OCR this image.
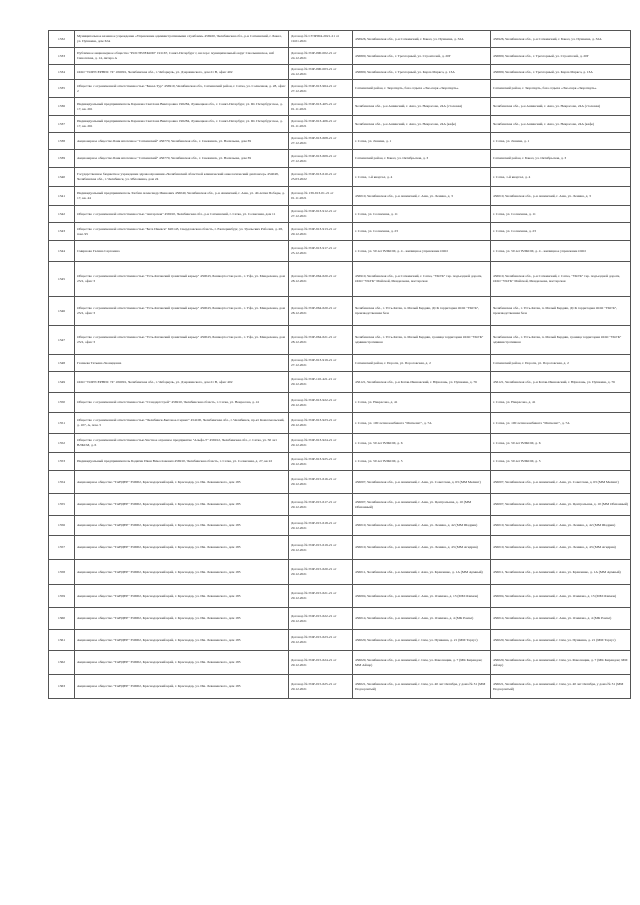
1332	Муниципальное казенное учреждение «Управление административными службами» 456920, Челябинская обл., р-н Саткинский, г. Бакал, ул. Пушкина, дом 32А	Договор № СУЗР004-2021-21 от 19.01.2021	456926, Челябинская обл., р-н Саткинский, г. Бакал, ул. Пушкина, д. 32А	456926, Челябинская обл., р-н Саткинский, г. Бакал, ул. Пушкина, д. 32А
1333	Публичное акционерное общество "РОСТЕЛЕКОМ" 191167, Санкт-Петербург г, вн.тер.г. муниципальный округ Смольнинское, наб Синопская, д. 14, литера А	Договор № ГОР-090-002-21 от 24.12.2021	456800, Челябинская обл., г. Трехгорный, ул. Строителей, д. 20Г	456800, Челябинская обл., г. Трехгорный, ул. Строителей, д. 20Г
1334	ООО "ТОРГСЕРВИС 74" 456091, Челябинская обл., г. Чебаркуль, ул. Дзержинского, дом 21 В, офис 402	Договор № ГОР-090-003-21 от 24.12.2021	456800, Челябинская обл., г. Трехгорный, ул. Карла Маркса, д. 13А	456800, Челябинская обл., г. Трехгорный, ул. Карла Маркса, д. 13А
1335	Общество с ограниченной ответственностью "Бакал-Тур" 456910, Челябинская обл., Саткинский район, г. Сатка, ул. Солнечная, д. 28, офис 2	Договор № ГОР-913-964-21 от 27.12.2021	Саткинский район, г. Зюраткуль, база отдыха «Эко-парк «Зюраткуль»	Саткинский район, г. Зюраткуль, база отдыха «Эко-парк «Зюраткуль»
1336	Индивидуальный предприниматель Баранова Светлана Викторовна 196284, Лужнецкая обл., г. Санкт-Петербург, ул. Ш. Петербургское, д. 17, кв. 261	Договор № ГОР-913-405-21 от 01.11.2021	Челябинская обл., р-н Ашинский, г. Аша, ул. Некрасова, 24А (столовая)	Челябинская обл., р-н Ашинский, г. Аша, ул. Некрасова, 24А (столовая)
1337	Индивидуальный предприниматель Баранова Светлана Викторовна 196284, Лужнецкая обл., г. Санкт-Петербург, ул. Ш. Петербургское, д. 17, кв. 261	Договор № ГОР-913-406-21 от 01.11.2021	Челябинская обл., р-н Ашинский, г. Аша, ул. Некрасова, 24А (кафе)	Челябинская обл., р-н Ашинский, г. Аша, ул. Некрасова, 24А (кафе)
1338	Акционерное общество Банк ипотечное "Саткинский" 456770, Челябинская обл., г. Снежинск, ул. Васильева, дом 39	Договор № ГОР-913-608-21 от 27.12.2021	г. Сатка, ул. Ленина, д. 1	г. Сатка, ул. Ленина, д. 1
1339	Акционерное общество Банк ипотечное "Саткинский" 456770, Челябинская обл., г. Снежинск, ул. Васильева, дом 39	Договор № ГОР-913-609-21 от 27.12.2021	Саткинский район, г. Бакал, ул. Октябрьская, д. 3	Саткинский район, г. Бакал, ул. Октябрьская, д. 3
1340	Государственное бюджетное учреждение здравоохранения «Челябинский областной клинический онкологический диспансер» 454048, Челябинская обл., г. Челябинск, ул. Яблочкина, дом 24	Договор № ГОР-913-610-21 от 25.03.2022	г. Сатка, 1-й квартал, д. 4	г. Сатка, 1-й квартал, д. 4
1341	Индивидуальный предприниматель Злобин Александр Иванович 456040, Челябинская обл., р-н Ашинский, г. Аша, ул. 40-летия Победы, д. 17, кв. 44	Договор № 139-913-01-21 от 01.11.2021	456010, Челябинская обл., р-н Ашинский, г. Аша, ул. Ленина, д. 3	456010, Челябинская обл., р-н Ашинский, г. Аша, ул. Ленина, д. 3
1342	Общество с ограниченной ответственностью "Ангарская" 456910, Челябинская обл., р-н Саткинский, г. Сатка, ул. Солнечная, дом 11	Договор № ГОР-913-912-21 от 27.12.2021	г. Сатка, ул. Солнечная, д. 11	г. Сатка, ул. Солнечная, д. 11
1343	Общество с ограниченной ответственностью "Бета Ижевск" 620143, Свердловская область, г. Екатеринбург, ул. Уральских Рабочих, д. 28, пом. 95	Договор № ГОР-913-913-21 от 29.12.2021	г. Сатка, ул. Солнечная, д. 23	г. Сатка, ул. Солнечная, д. 23
1344	Смирнова Галина Сергеевна	Договор № ГОР-913-917-21 от 25.12.2021	г. Сатка, ул. 50 лет ВЛКСМ, д. 4 - жилищное управление ООО	г. Сатка, ул. 50 лет ВЛКСМ, д. 4 - жилищное управление ООО
1345	Общество с ограниченной ответственностью "Усть-Катавский гранитный карьер" 450043, Башкортостан респ., г. Уфа, ул. Менделеева, дом 23/2, офис 3	Договор № ГОР-064-620-21 от 28.12.2021	456910, Челябинская обл., р-н Саткинский, г. Сатка, "УКГК" тер. подъездной дороги, ООО "УКГК" Майской, Менделеева, мастерская	456910, Челябинская обл., р-н Саткинский, г. Сатка, "УКГК" тер. подъездной дороги, ООО "УКГК" Майской, Менделеева, мастерская
1346	Общество с ограниченной ответственностью "Усть-Катавский гранитный карьер" 450043, Башкортостан респ., г. Уфа, ул. Менделеева, дом 23/2, офис 3	Договор № ГОР-064-620-21 от 28.12.2021	Челябинская обл., г. Усть-Катав, п. Малый Бердяш, ДСК территория ООО "УКГК", производственная база	Челябинская обл., г. Усть-Катав, п. Малый Бердяш, ДСК территория ООО "УКГК", производственная база
1347	Общество с ограниченной ответственностью "Усть-Катавский гранитный карьер" 450043, Башкортостан респ., г. Уфа, ул. Менделеева, дом 23/2, офис 3	Договор № ГОР-064-621-21 от 28.12.2021	Челябинская обл., г. Усть-Катав, п. Малый Бердяш, граница территории ООО "УКГК" административная	Челябинская обл., г. Усть-Катав, п. Малый Бердяш, граница территории ООО "УКГК" административная
1348	Газзиева Татьяна Леонидовна	Договор № ГОР-913-919-21 от 27.12.2021	Саткинский район, г. Пороги, ул. Пороговская, д. 2	Саткинский район, г. Пороги, ул. Пороговская, д. 2
1349	ООО "ТОРГСЕРВИС 74" 456091, Челябинская обл., г. Чебаркуль, ул. Дзержинского, дом 21 В, офис 402	Договор № ГОР-110-421-21 от 29.12.2021	456121, Челябинская обл., р-н Катав-Ивановский, г. Юрюзань, ул. Пушкина, д. 76	456121, Челябинская обл., р-н Катав-Ивановский, г. Юрюзань, ул. Пушкина, д. 76
1350	Общество с ограниченной ответственностью "Стандартстрой" 456910, Челябинская область, г. Сатка, ул. Некрасова, д. 41	Договор № ГОР-913-922-21 от 29.12.2021	г. Сатка, ул. Некрасова, д. 41	г. Сатка, ул. Некрасова, д. 41
1351	Общество с ограниченной ответственностью "Челябинск-Бытовое-Сервис" 454100, Челябинская обл., г. Челябинск, пр-кт Комсомольский, д. 107, А, пом. 5	Договор № ГОР-913-923-21 от 29.12.2021	г. Сатка, ул. 100 летия комбината "Магнезит", д. 7А	г. Сатка, ул. 100 летия комбината "Магнезит", д. 7А
1352	Общество с ограниченной ответственностью Частное охранное предприятие "Альфа-Т" 456912, Челябинская обл., г. Сатка, ул. 50 лет ВЛКСМ, д. 6	Договор № ГОР-913-924-21 от 29.12.2021	г. Сатка, ул. 50 лет ВЛКСМ, д. 6	г. Сатка, ул. 50 лет ВЛКСМ, д. 6
1353	Индивидуальный предприниматель Бодягин Иван Вячеславович 456910, Челябинская область, г. Сатка, ул. Солнечная, д. 27, кв 22	Договор № ГОР-913-925-21 от 29.12.2021	г. Сатка, ул. 50 лет ВЛКСМ, д. 5	г. Сатка, ул. 50 лет ВЛКСМ, д. 5
1354	Акционерное общество "ТАНДЕР" 350002, Краснодарский край, г. Краснодар, ул. Им. Леваневского, дом 185	Договор № ГОР-015-616-21 от 29.12.2021	456007, Челябинская обл., р-н Ашинский, г. Аша, ул. Советская, д. 63 (ММ Мелинт)	456007, Челябинская обл., р-н Ашинский, г. Аша, ул. Советская, д. 63 (ММ Мелинт)
1355	Акционерное общество "ТАНДЕР" 350002, Краснодарский край, г. Краснодар, ул. Им. Леваневского, дом 185	Договор № ГОР-015-617-21 от 29.12.2021	456007, Челябинская обл., р-н Ашинский, г. Аша, ул. Центральная, д. 10 (ММ Обязанный)	456007, Челябинская обл., р-н Ашинский, г. Аша, ул. Центральная, д. 10 (ММ Обязанный)
1356	Акционерное общество "ТАНДЕР" 350002, Краснодарский край, г. Краснодар, ул. Им. Леваневского, дом 185	Договор № ГОР-015-618-21 от 29.12.2021	456010, Челябинская обл., р-н Ашинский, г. Аша, ул. Ленина, д. 42 (ММ Шадрин)	456010, Челябинская обл., р-н Ашинский, г. Аша, ул. Ленина, д. 42 (ММ Шадрин)
1357	Акционерное общество "ТАНДЕР" 350002, Краснодарский край, г. Краснодар, ул. Им. Леваневского, дом 185	Договор № ГОР-015-619-21 от 29.12.2021	456010, Челябинская обл., р-н Ашинский, г. Аша, ул. Ленина, д. 43 (ММ Агидрия)	456010, Челябинская обл., р-н Ашинский, г. Аша, ул. Ленина, д. 43 (ММ Агидрия)
1358	Акционерное общество "ТАНДЕР" 350002, Краснодарский край, г. Краснодар, ул. Им. Леваневского, дом 185	Договор № ГОР-015-620-21 от 29.12.2021	456011, Челябинская обл., р-н Ашинский, г. Аша, ул. Кравченко, д. 1А (ММ Армный)	456011, Челябинская обл., р-н Ашинский, г. Аша, ул. Кравченко, д. 1А (ММ Армный)
1359	Акционерное общество "ТАНДЕР" 350002, Краснодарский край, г. Краснодар, ул. Им. Леваневского, дом 185	Договор № ГОР-015-621-21 от 29.12.2021	456004, Челябинская обл., р-н Ашинский, г. Аша, ул. Озимова, д. 13 (ММ Озимов)	456004, Челябинская обл., р-н Ашинский, г. Аша, ул. Озимова, д. 13 (ММ Озимов)
1360	Акционерное общество "ТАНДЕР" 350002, Краснодарский край, г. Краснодар, ул. Им. Леваневского, дом 185	Договор № ГОР-015-622-21 от 29.12.2021	456014, Челябинская обл., р-н Ашинский, г. Аша, ул. Озимова, д. 4 (МК Ромал)	456014, Челябинская обл., р-н Ашинский, г. Аша, ул. Озимова, д. 4 (МК Ромал)
1361	Акционерное общество "ТАНДЕР" 350002, Краснодарский край, г. Краснодар, ул. Им. Леваневского, дом 185	Договор № ГОР-015-623-21 от 29.12.2021	456020, Челябинская обл., р-н Ашинский, г. Сим, ул. Пушкина, д. 21 (ММ Тарзус)	456020, Челябинская обл., р-н Ашинский, г. Сим, ул. Пушкина, д. 21 (ММ Тарзус)
1362	Акционерное общество "ТАНДЕР" 350002, Краснодарский край, г. Краснодар, ул. Им. Леваневского, дом 185	Договор № ГОР-015-624-21 от 29.12.2021	456020, Челябинская обл., р-н Ашинский, г. Сим, ул. Революции, д. 7 (МК Кирандон; ММ Айзар)	456020, Челябинская обл., р-н Ашинский, г. Сим, ул. Революции, д. 7 (МК Кирандон; ММ Айзар)
1363	Акционерное общество "ТАНДЕР" 350002, Краснодарский край, г. Краснодар, ул. Им. Леваневского, дом 185	Договор № ГОР-015-625-21 от 29.12.2021	456021, Челябинская обл., р-н Ашинский, г. Сим, ул. 40 лет Октября, у дома № 31 (ММ Подзорчатый)	456021, Челябинская обл., р-н Ашинский, г. Сим, ул. 40 лет Октября, у дома № 31 (ММ Подзорчатый)
